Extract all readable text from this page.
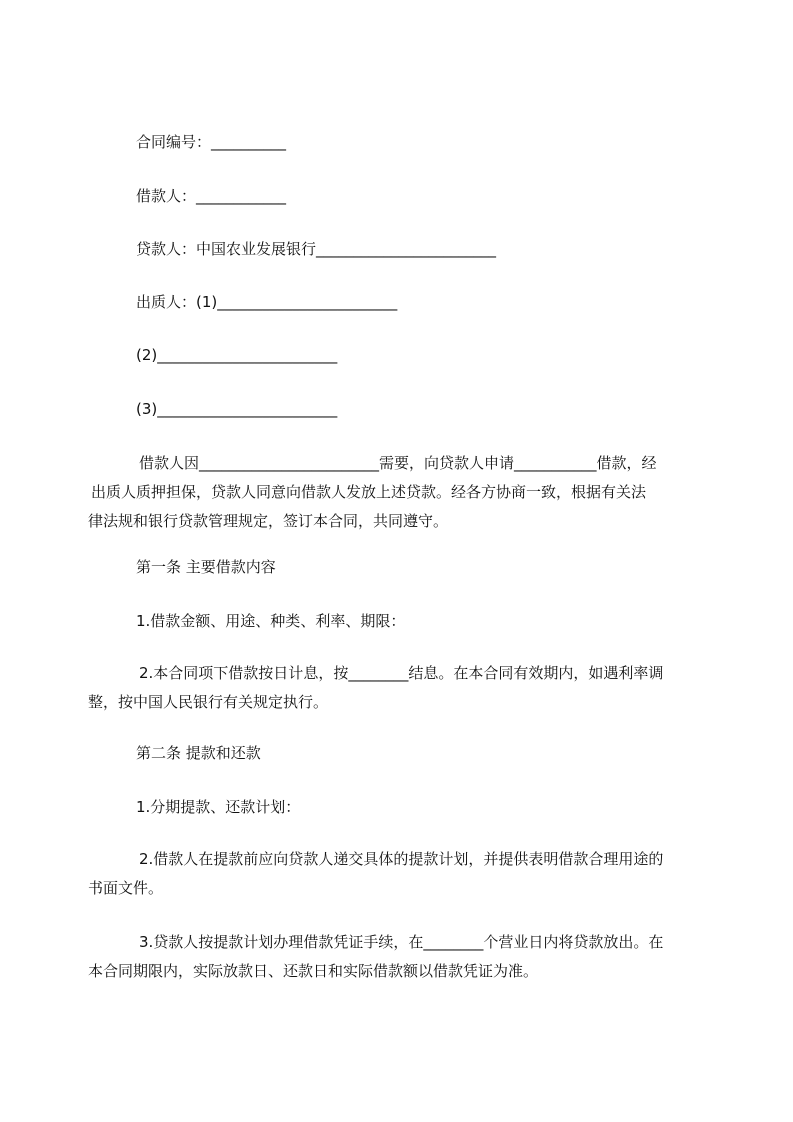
合同编号：__________
借款人：____________
贷款人：中国农业发展银行________________________
出质人：(1)________________________
(2)________________________
(3)________________________

借款人因________________________需要，向贷款人申请___________借款，经

出质人质押担保，贷款人同意向借款人发放上述贷款。经各方协商一致，根据有关法

律法规和银行贷款管理规定，签订本合同，共同遵守。

第一条 主要借款内容
1.借款金额、用途、种类、利率、期限：

2.本合同项下借款按日计息，按________结息。在本合同有效期内，如遇利率调

整，按中国人民银行有关规定执行。

第二条 提款和还款
1.分期提款、还款计划：

2.借款人在提款前应向贷款人递交具体的提款计划，并提供表明借款合理用途的

书面文件。

3.贷款人按提款计划办理借款凭证手续，在________个营业日内将贷款放出。在

本合同期限内，实际放款日、还款日和实际借款额以借款凭证为准。
